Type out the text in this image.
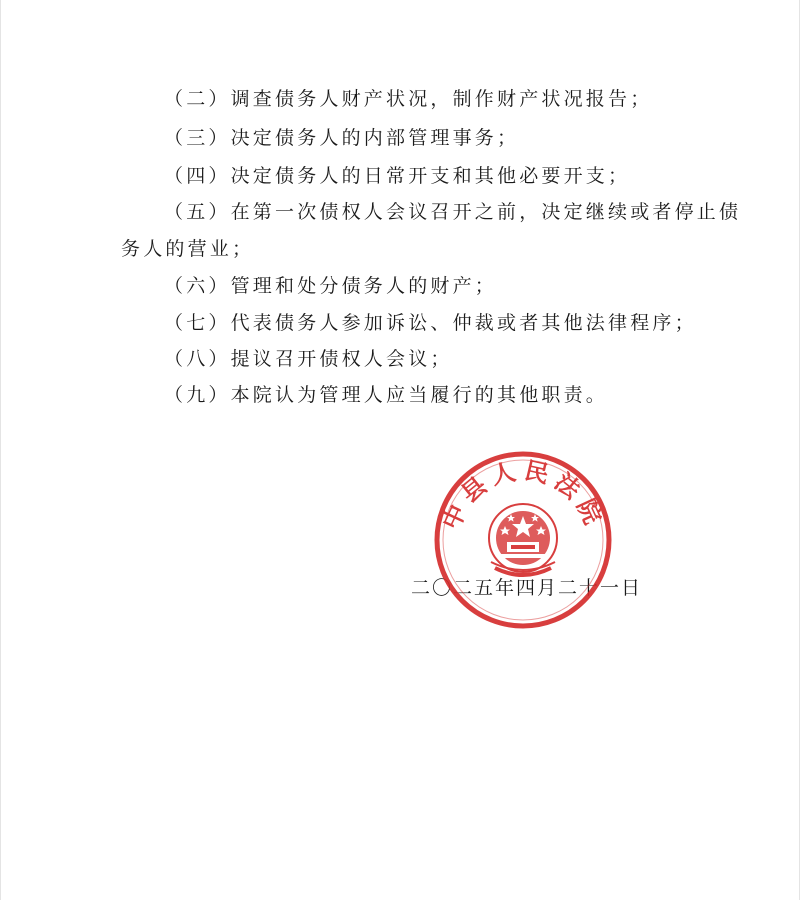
（二）调查债务人财产状况，制作财产状况报告；
（三）决定债务人的内部管理事务；
（四）决定债务人的日常开支和其他必要开支；
（五）在第一次债权人会议召开之前，决定继续或者停止债
务人的营业；
（六）管理和处分债务人的财产；
（七）代表债务人参加诉讼、仲裁或者其他法律程序；
（八）提议召开债权人会议；
（九）本院认为管理人应当履行的其他职责。
二〇二五年四月二十一日
中县人民法院
